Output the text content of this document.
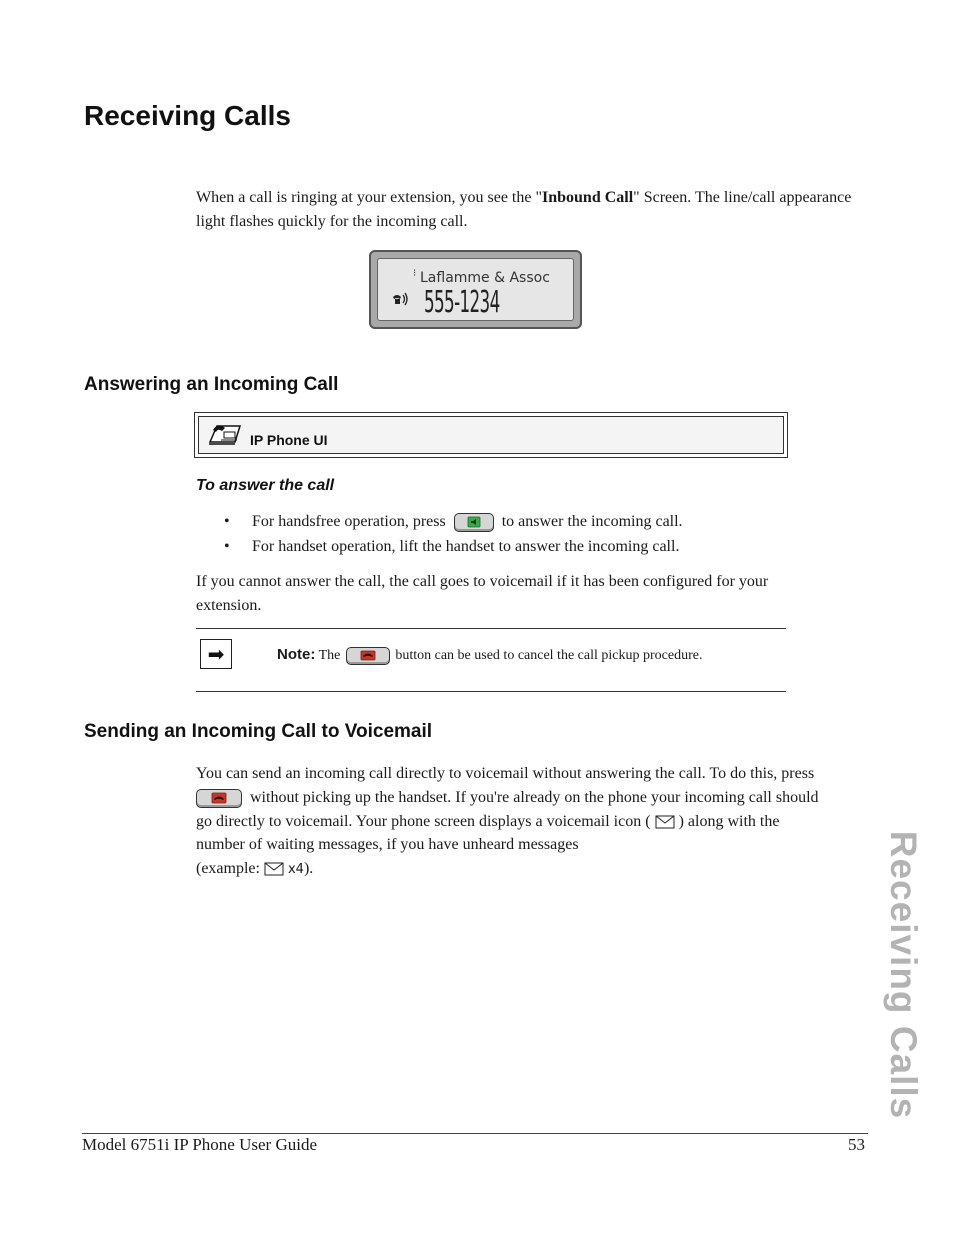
Receiving Calls
When a call is ringing at your extension, you see the "Inbound Call" Screen. The line/call appearance light flashes quickly for the incoming call.
⁝ Laflamme & Assoc
555-1234
Answering an Incoming Call
IP Phone UI
To answer the call
• For handsfree operation, press	to answer the incoming call.
• For handset operation, lift the handset to answer the incoming call.
If you cannot answer the call, the call goes to voicemail if it has been configured for your extension.
➡	Note: The	button can be used to cancel the call pickup procedure.
Sending an Incoming Call to Voicemail
You can send an incoming call directly to voicemail without answering the call. To do this, press
without picking up the handset. If you're already on the phone your incoming call should
go directly to voicemail. Your phone screen displays a voicemail icon ( ) along with the
number of waiting messages, if you have unheard messages
(example: x4).	Receiving Calls
Model 6751i IP Phone User Guide	53
